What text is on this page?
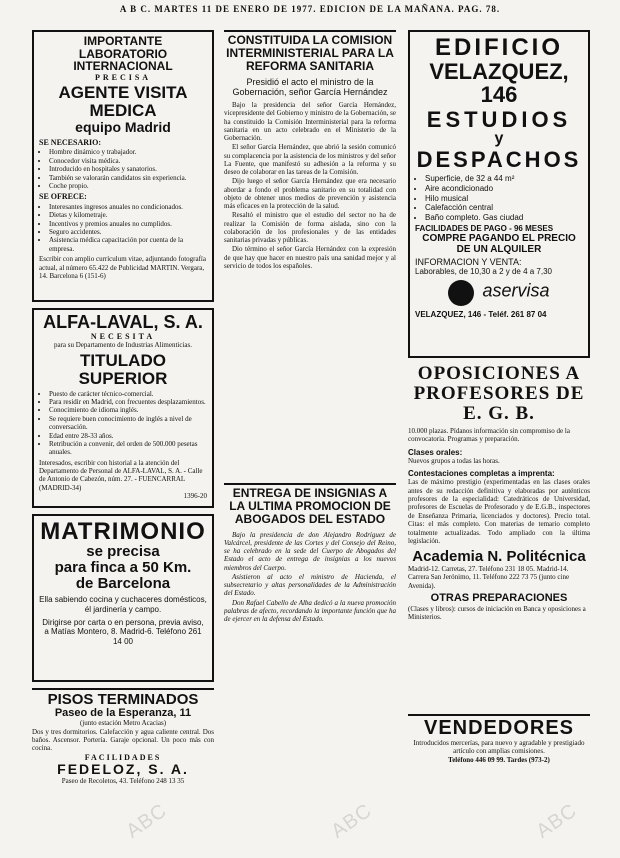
A B C. MARTES 11 DE ENERO DE 1977. EDICION DE LA MAÑANA. PAG. 78.
IMPORTANTE LABORATORIO INTERNACIONAL
PRECISA
AGENTE VISITA MEDICA
equipo Madrid
SE NECESARIO:
• Hombre dinámico y trabajador.
• Conocedor visita médica.
• Introducido en hospitales y sanatorios.
• También se valorarán candidatos sin experiencia.
• Coche propio.
SE OFRECE:
• Interesantes ingresos anuales no condicionados.
• Dietas y kilometraje.
• Incentivos y premios anuales no cumplidos.
• Seguro accidentes.
• Asistencia médica capacitación por cuenta de la empresa.
Escribir con amplio currículum vitae, adjuntando fotografía actual, al número 65.422 de Publicidad MARTIN. Vergara, 14. Barcelona 6 (151-6)
ALFA-LAVAL, S. A.
NECESITA
para su Departamento de Industrias Alimenticias.
TITULADO SUPERIOR
• Puesto de carácter técnico-comercial.
• Para residir en Madrid, con frecuentes desplazamientos.
• Conocimiento de idioma inglés.
• Se requiere buen conocimiento de inglés a nivel de conversación.
• Edad entre 28-33 años.
• Retribución a convenir, del orden de 500.000 pesetas anuales.
Interesados, escribir con historial a la atención del Departamento de Personal de ALFA-LAVAL, S. A. - Calle de Antonio de Cabezón, núm. 27. - FUENCARRAL (MADRID-34)
1396-20
MATRIMONIO
se precisa
para finca a 50 Km.
de Barcelona
Ella sabiendo cocina y cuchaceres domésticos, él jardinería y campo.
Dirigirse por carta o en persona, previa aviso, a Matías Montero, 8. Madrid-6. Teléfono 261 14 00
PISOS TERMINADOS
Paseo de la Esperanza, 11
(junto estación Metro Acacias)
Dos y tres dormitorios. Calefacción y agua caliente central. Dos baños. Ascensor. Portería. Garaje opcional. Un poco más con cocina.
FACILIDADES
FEDELOZ, S. A.
Paseo de Recoletos, 43. Teléfono 248 13 35
CONSTITUIDA LA COMISION INTERMINISTERIAL PARA LA REFORMA SANITARIA
Presidió el acto el ministro de la Gobernación, señor García Hernández

Bajo la presidencia del señor García Hernández, vicepresidente del Gobierno y ministro de la Gobernación, se ha constituido la Comisión Interministerial para la reforma sanitaria en un acto celebrado en el Ministerio de la Gobernación.

El señor García Hernández, que abrió la sesión comunicó su complacencia por la asistencia de los ministros y del señor La Fuente, que manifestó su adhesión a la reforma y su deseo de colaborar en las tareas de la Comisión.

Dijo luego el señor García Hernández que era necesario abordar a fondo el problema sanitario en su totalidad con objeto de obtener unos medios de prevención y asistencia más eficaces en la protección de la salud.

Resaltó el ministro que el estudio del sector no ha de realizar la Comisión de forma aislada, sino con la colaboración de los profesionales y de las entidades sanitarias privadas y públicas.

Dio término el señor García Hernández con la expresión de que hay que hacer en nuestro país una sanidad mejor y al servicio de todos los españoles.

ENTREGA DE INSIGNIAS A LA ULTIMA PROMOCION DE ABOGADOS DEL ESTADO

Bajo la presidencia de don Alejandro Rodríguez de Valcárcel, presidente de las Cortes y del Consejo del Reino, se ha celebrado en la sede del Cuerpo de Abogados del Estado el acto de entrega de insignias a los nuevos miembros del Cuerpo.

Asistieron al acto el ministro de Hacienda, el subsecretario y altas personalidades de la Administración del Estado.

Don Rafael Cabello de Alba dedicó a la nueva promoción palabras de afecto, recordando la importante función que ha de ejercer en la defensa del Estado.

EDIFICIO
VELAZQUEZ, 146
ESTUDIOS
y
DESPACHOS
• Superficie, de 32 a 44 m²
• Aire acondicionado
• Hilo musical
• Calefacción central
• Baño completo. Gas ciudad
FACILIDADES DE PAGO - 96 MESES
COMPRE PAGANDO EL PRECIO DE UN ALQUILER
INFORMACION Y VENTA:
Laborables, de 10,30 a 2 y de 4 a 7,30
aservisa
VELAZQUEZ, 146 - Teléf. 261 87 04
OPOSICIONES A PROFESORES DE E. G. B.
10.000 plazas. Pídanos información sin compromiso de la convocatoria. Programas y preparación.
Clases orales:
Nuevos grupos a todas las horas.
Contestaciones completas a imprenta:
Las de máximo prestigio (experimentadas en las clases orales antes de su redacción definitiva y elaboradas por auténticos profesores de la especialidad: Catedráticos de Universidad, profesores de Escuelas de Profesorado y de E.G.B., inspectores de Enseñanza Primaria, licenciados y doctores). Precio total. Citas: el más completo. Con materias de temario completo totalmente actualizadas. Todo ampliado con la última legislación.
Academia N. Politécnica
Madrid-12. Carretas, 27. Teléfono 231 18 05. Madrid-14. Carrera San Jerónimo, 11. Teléfono 222 73 75 (junto cine Avenida).
OTRAS PREPARACIONES
(Clases y libros): cursos de iniciación en Banca y oposiciones a Ministerios.
VENDEDORES
Introducidos mercerías, para nuevo y agradable y prestigiado artículo con amplias comisiones.
Teléfono 446 09 99. Tardes (973-2)
ABC	ABC	ABC
